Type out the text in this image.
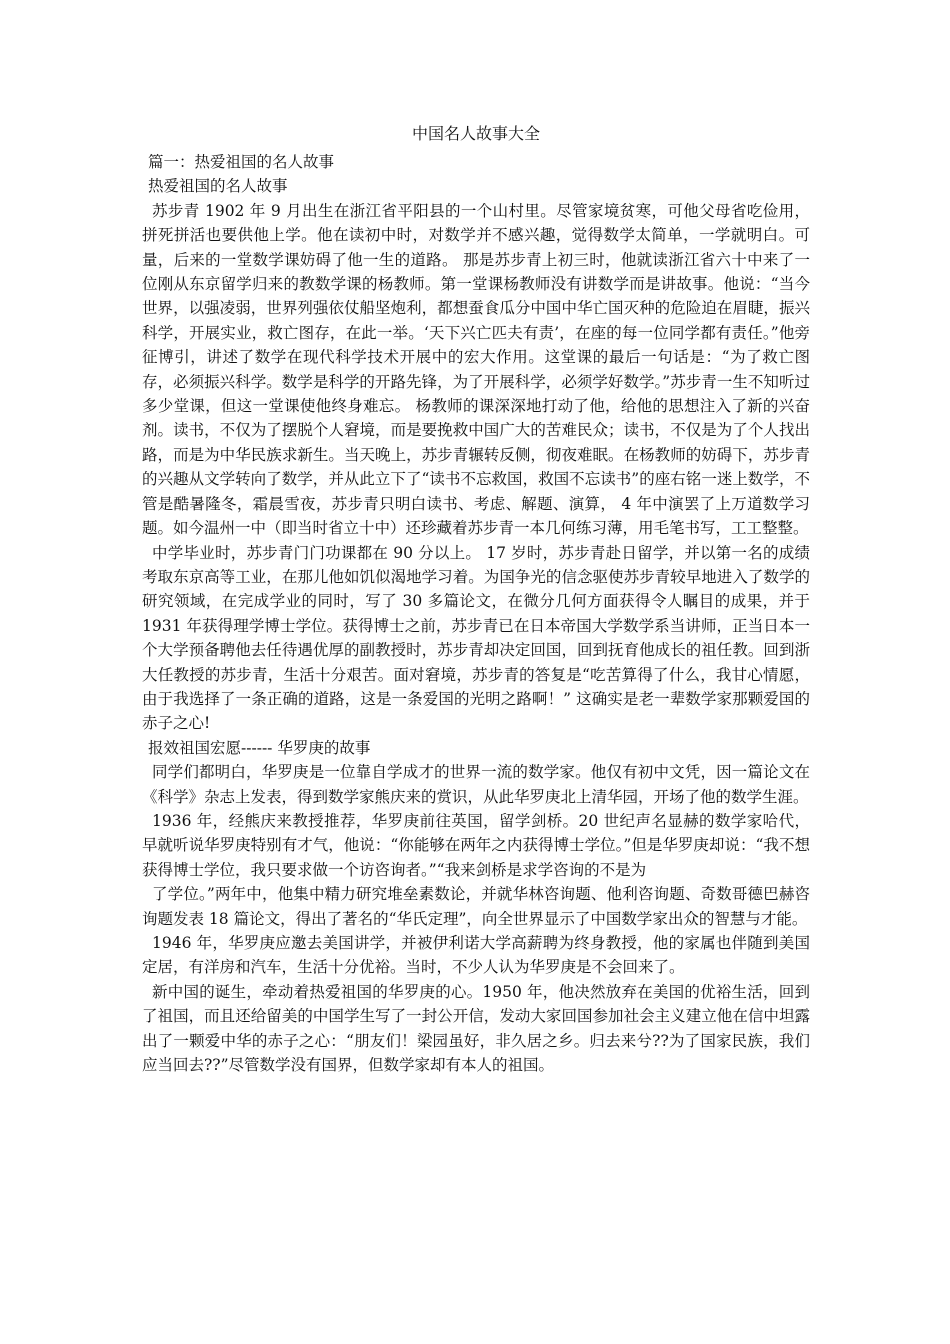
中国名人故事大全
篇一：热爱祖国的名人故事
热爱祖国的名人故事
苏步青 1902 年 9 月出生在浙江省平阳县的一个山村里。尽管家境贫寒，可他父母省吃俭用，拼死拼活也要供他上学。他在读初中时，对数学并不感兴趣，觉得数学太简单，一学就明白。可量，后来的一堂数学课妨碍了他一生的道路。 那是苏步青上初三时，他就读浙江省六十中来了一位刚从东京留学归来的教数学课的杨教师。第一堂课杨教师没有讲数学而是讲故事。他说：“当今世界，以强凌弱，世界列强依仗船坚炮利，都想蚕食瓜分中国中华亡国灭种的危险迫在眉睫，振兴科学，开展实业，救亡图存，在此一举。‘天下兴亡匹夫有责’，在座的每一位同学都有责任。”他旁征博引，讲述了数学在现代科学技术开展中的宏大作用。这堂课的最后一句话是：“为了救亡图存，必须振兴科学。数学是科学的开路先锋，为了开展科学，必须学好数学。”苏步青一生不知听过多少堂课，但这一堂课使他终身难忘。 杨教师的课深深地打动了他，给他的思想注入了新的兴奋剂。读书，不仅为了摆脱个人窘境，而是要挽救中国广大的苦难民众；读书，不仅是为了个人找出路，而是为中华民族求新生。当天晚上，苏步青辗转反侧，彻夜难眠。在杨教师的妨碍下，苏步青的兴趣从文学转向了数学，并从此立下了“读书不忘救国，救国不忘读书”的座右铭一迷上数学，不管是酷暑隆冬，霜晨雪夜，苏步青只明白读书、考虑、解题、演算， 4 年中演罢了上万道数学习题。如今温州一中（即当时省立十中）还珍藏着苏步青一本几何练习薄，用毛笔书写，工工整整。
中学毕业时，苏步青门门功课都在 90 分以上。 17 岁时，苏步青赴日留学，并以第一名的成绩考取东京高等工业，在那儿他如饥似渴地学习着。为国争光的信念驱使苏步青较早地进入了数学的研究领域，在完成学业的同时，写了 30 多篇论文，在微分几何方面获得令人瞩目的成果，并于 1931 年获得理学博士学位。获得博士之前，苏步青已在日本帝国大学数学系当讲师，正当日本一个大学预备聘他去任待遇优厚的副教授时，苏步青却决定回国，回到抚育他成长的祖任教。回到浙大任教授的苏步青，生活十分艰苦。面对窘境，苏步青的答复是“吃苦算得了什么，我甘心情愿，由于我选择了一条正确的道路，这是一条爱国的光明之路啊！” 这确实是老一辈数学家那颗爱国的赤子之心!
报效祖国宏愿------ 华罗庚的故事
同学们都明白，华罗庚是一位靠自学成才的世界一流的数学家。他仅有初中文凭，因一篇论文在《科学》杂志上发表，得到数学家熊庆来的赏识，从此华罗庚北上清华园，开场了他的数学生涯。
1936 年，经熊庆来教授推荐，华罗庚前往英国，留学剑桥。20 世纪声名显赫的数学家哈代，早就听说华罗庚特别有才气，他说：“你能够在两年之内获得博士学位。”但是华罗庚却说：“我不想获得博士学位，我只要求做一个访咨询者。”“我来剑桥是求学咨询的不是为
了学位。”两年中，他集中精力研究堆垒素数论，并就华林咨询题、他利咨询题、奇数哥德巴赫咨询题发表 18 篇论文，得出了著名的“华氏定理”，向全世界显示了中国数学家出众的智慧与才能。
1946 年，华罗庚应邀去美国讲学，并被伊利诺大学高薪聘为终身教授，他的家属也伴随到美国定居，有洋房和汽车，生活十分优裕。当时，不少人认为华罗庚是不会回来了。
新中国的诞生，牵动着热爱祖国的华罗庚的心。1950 年，他决然放弃在美国的优裕生活，回到了祖国，而且还给留美的中国学生写了一封公开信，发动大家回国参加社会主义建立他在信中坦露出了一颗爱中华的赤子之心：“朋友们！梁园虽好，非久居之乡。归去来兮??为了国家民族，我们应当回去??”尽管数学没有国界，但数学家却有本人的祖国。
